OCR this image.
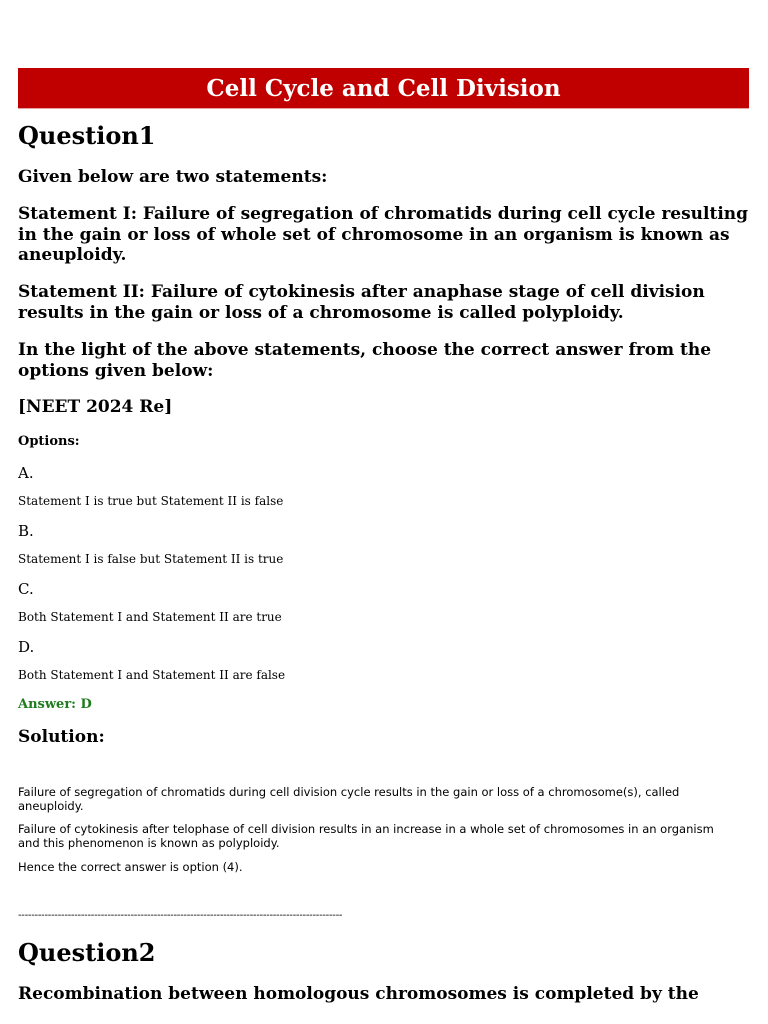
Cell Cycle and Cell Division
Question1
Given below are two statements:
Statement I: Failure of segregation of chromatids during cell cycle resulting in the gain or loss of whole set of chromosome in an organism is known as aneuploidy.
Statement II: Failure of cytokinesis after anaphase stage of cell division results in the gain or loss of a chromosome is called polyploidy.
In the light of the above statements, choose the correct answer from the options given below:
[NEET 2024 Re]
Options:
A.
Statement I is true but Statement II is false
B.
Statement I is false but Statement II is true
C.
Both Statement I and Statement II are true
D.
Both Statement I and Statement II are false
Answer: D
Solution:
Failure of segregation of chromatids during cell division cycle results in the gain or loss of a chromosome(s), called aneuploidy.
Failure of cytokinesis after telophase of cell division results in an increase in a whole set of chromosomes in an organism and this phenomenon is known as polyploidy.
Hence the correct answer is option (4).
--------------------------------------------------------------------------------------------------
Question2
Recombination between homologous chromosomes is completed by the
